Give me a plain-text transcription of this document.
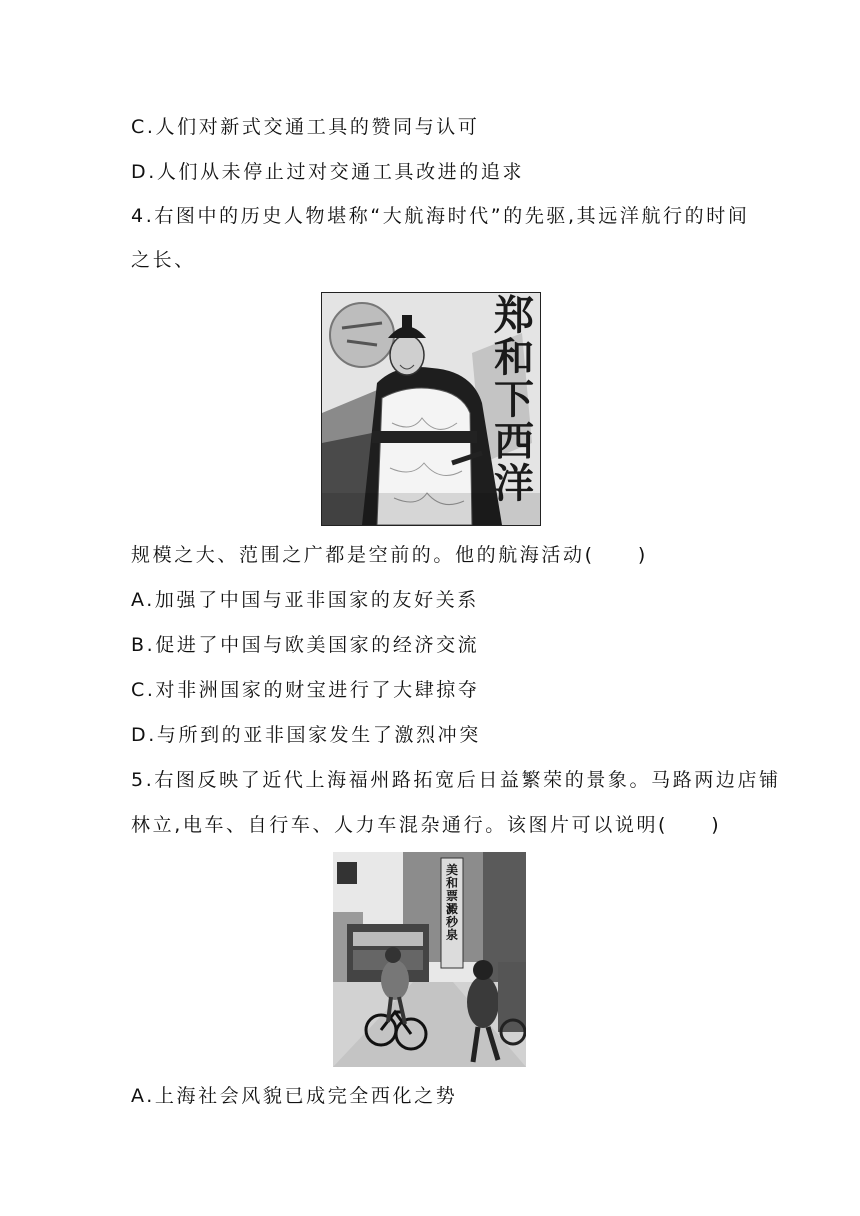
C.人们对新式交通工具的赞同与认可
D.人们从未停止过对交通工具改进的追求
4.右图中的历史人物堪称“大航海时代”的先驱,其远洋航行的时间
之长、
郑
和
下
西
洋
规模之大、范围之广都是空前的。他的航海活动(　　)
A.加强了中国与亚非国家的友好关系
B.促进了中国与欧美国家的经济交流
C.对非洲国家的财宝进行了大肆掠夺
D.与所到的亚非国家发生了激烈冲突
5.右图反映了近代上海福州路拓宽后日益繁荣的景象。马路两边店铺
林立,电车、自行车、人力车混杂通行。该图片可以说明(　　)
美 和 票 澱 秒 泉
A.上海社会风貌已成完全西化之势
